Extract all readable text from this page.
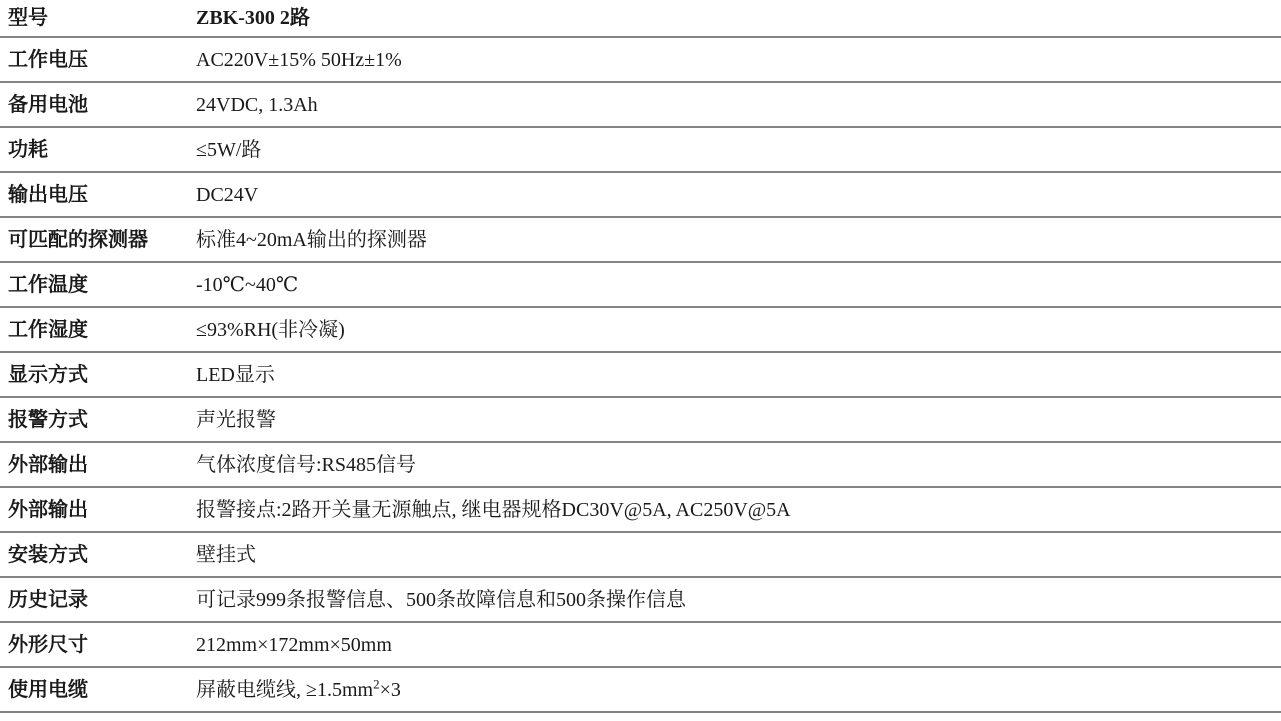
型号	ZBK-300 2路
工作电压	AC220V±15% 50Hz±1%
备用电池	24VDC, 1.3Ah
功耗	≤5W/路
输出电压	DC24V
可匹配的探测器	标准4~20mA输出的探测器
工作温度	-10℃~40℃
工作湿度	≤93%RH(非冷凝)
显示方式	LED显示
报警方式	声光报警
外部输出	气体浓度信号:RS485信号
外部输出	报警接点:2路开关量无源触点, 继电器规格DC30V@5A, AC250V@5A
安装方式	壁挂式
历史记录	可记录999条报警信息、500条故障信息和500条操作信息
外形尺寸	212mm×172mm×50mm
使用电缆	屏蔽电缆线, $\ge 1.5mm^2\times 3$
